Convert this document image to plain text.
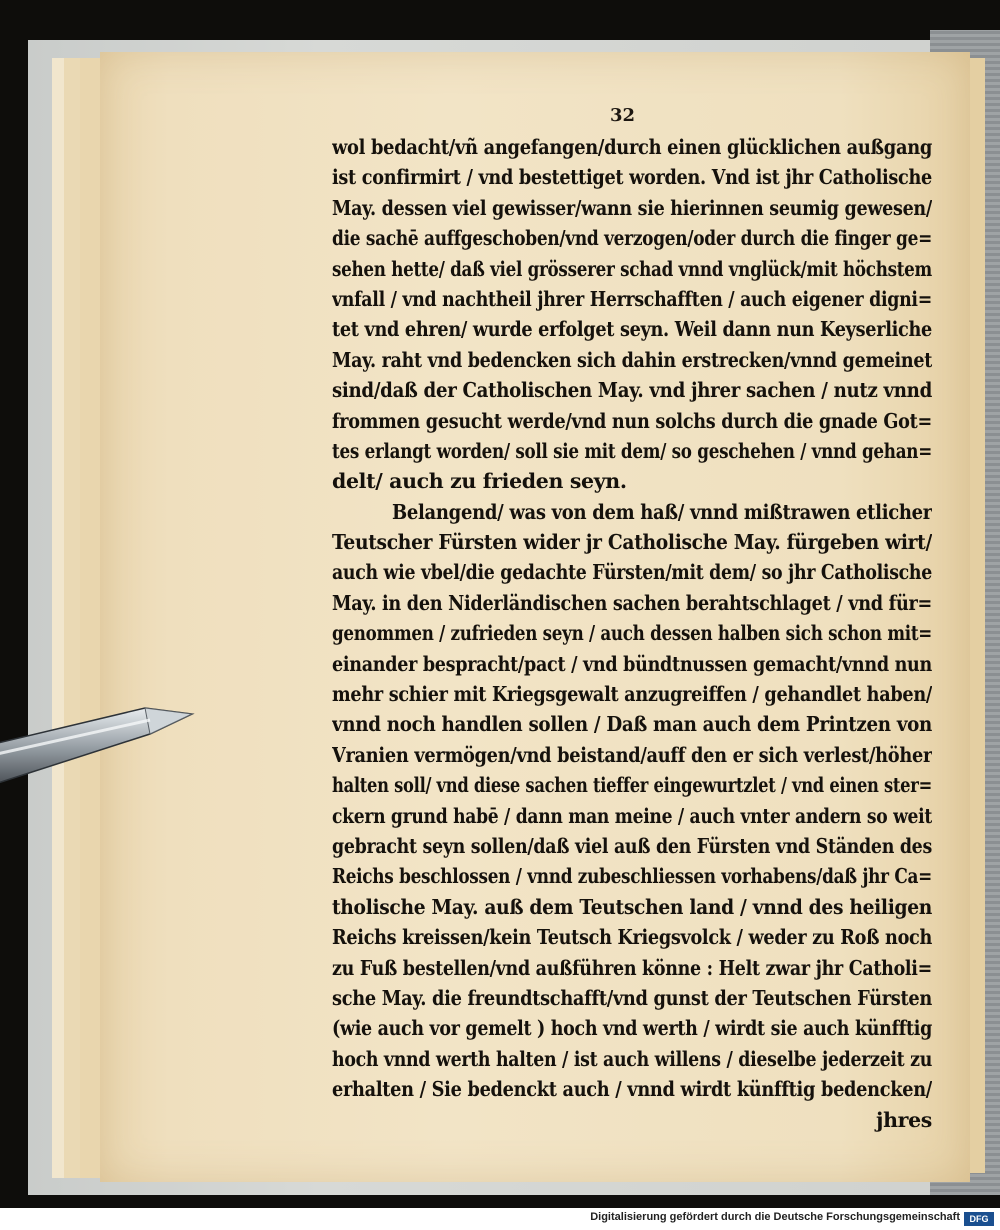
32
wol bedacht/vñ angefangen/durch einen glücklichen außgang
ist confirmirt / vnd bestettiget worden. Vnd ist jhr Catholische
May. dessen viel gewisser/wann sie hierinnen seumig gewesen/
die sachē auffgeschoben/vnd verzogen/oder durch die finger ge=
sehen hette/ daß viel grösserer schad vnnd vnglück/mit höchstem
vnfall / vnd nachtheil jhrer Herrschafften / auch eigener digni=
tet vnd ehren/ wurde erfolget seyn. Weil dann nun Keyserliche
May. raht vnd bedencken sich dahin erstrecken/vnnd gemeinet
sind/daß der Catholischen May. vnd jhrer sachen / nutz vnnd
frommen gesucht werde/vnd nun solchs durch die gnade Got=
tes erlangt worden/ soll sie mit dem/ so geschehen / vnnd gehan=
delt/ auch zu frieden seyn.
Belangend/ was von dem haß/ vnnd mißtrawen etlicher
Teutscher Fürsten wider jr Catholische May. fürgeben wirt/
auch wie vbel/die gedachte Fürsten/mit dem/ so jhr Catholische
May. in den Niderländischen sachen berahtschlaget / vnd für=
genommen / zufrieden seyn / auch dessen halben sich schon mit=
einander bespracht/pact / vnd bündtnussen gemacht/vnnd nun
mehr schier mit Kriegsgewalt anzugreiffen / gehandlet haben/
vnnd noch handlen sollen / Daß man auch dem Printzen von
Vranien vermögen/vnd beistand/auff den er sich verlest/höher
halten soll/ vnd diese sachen tieffer eingewurtzlet / vnd einen ster=
ckern grund habē / dann man meine / auch vnter andern so weit
gebracht seyn sollen/daß viel auß den Fürsten vnd Ständen des
Reichs beschlossen / vnnd zubeschliessen vorhabens/daß jhr Ca=
tholische May. auß dem Teutschen land / vnnd des heiligen
Reichs kreissen/kein Teutsch Kriegsvolck / weder zu Roß noch
zu Fuß bestellen/vnd außführen könne : Helt zwar jhr Catholi=
sche May. die freundtschafft/vnd gunst der Teutschen Fürsten
(wie auch vor gemelt ) hoch vnd werth / wirdt sie auch künfftig
hoch vnnd werth halten / ist auch willens / dieselbe jederzeit zu
erhalten / Sie bedenckt auch / vnnd wirdt künfftig bedencken/
jhres
Digitalisierung gefördert durch die Deutsche Forschungsgemeinschaft	DFG
